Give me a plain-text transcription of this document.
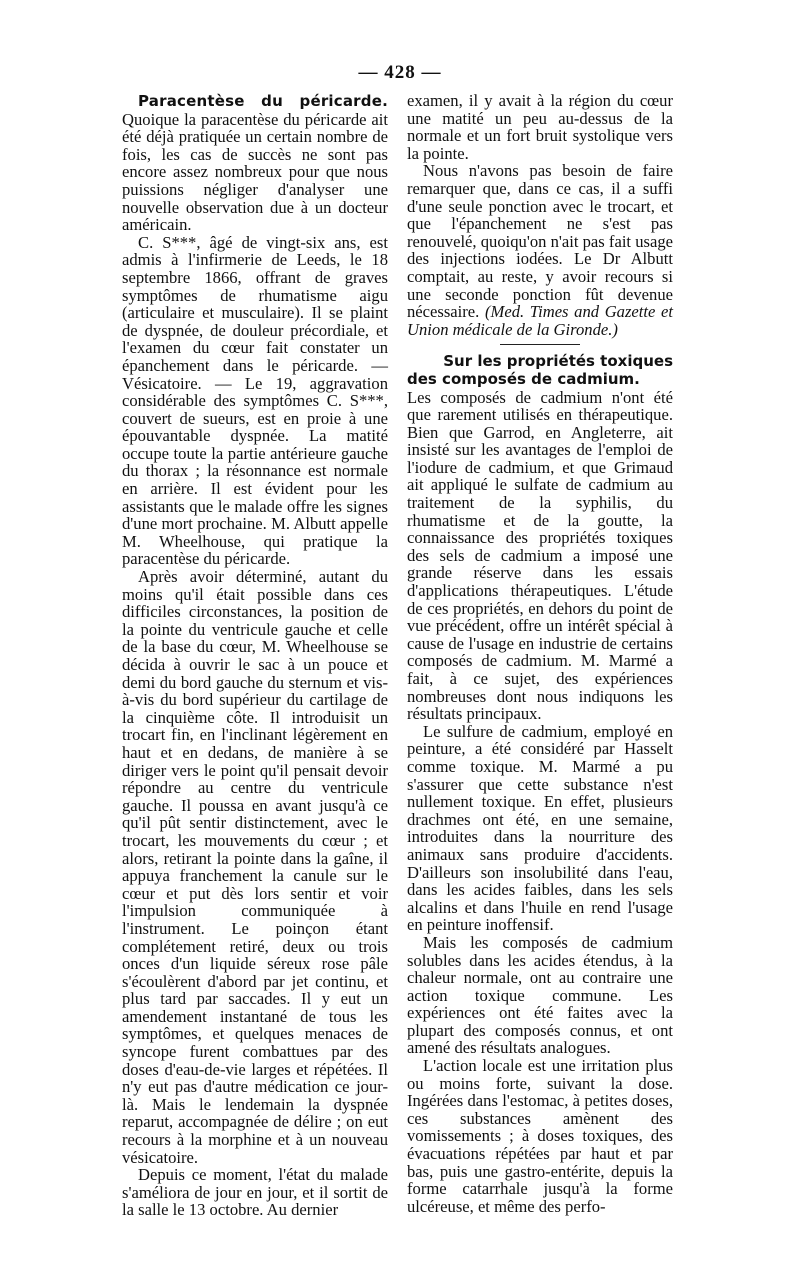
— 428 —

Paracentèse du péricarde. Quoique la paracentèse du péricarde ait été déjà pratiquée un certain nombre de fois, les cas de succès ne sont pas encore assez nombreux pour que nous puissions négliger d'analyser une nouvelle observation due à un docteur américain.

C. S***, âgé de vingt-six ans, est admis à l'infirmerie de Leeds, le 18 septembre 1866, offrant de graves symptômes de rhumatisme aigu (articulaire et musculaire). Il se plaint de dyspnée, de douleur précordiale, et l'examen du cœur fait constater un épanchement dans le péricarde. — Vésicatoire. — Le 19, aggravation considérable des symptômes C. S***, couvert de sueurs, est en proie à une épouvantable dyspnée. La matité occupe toute la partie antérieure gauche du thorax ; la résonnance est normale en arrière. Il est évident pour les assistants que le malade offre les signes d'une mort prochaine. M. Albutt appelle M. Wheelhouse, qui pratique la paracentèse du péricarde.

Après avoir déterminé, autant du moins qu'il était possible dans ces difficiles circonstances, la position de la pointe du ventricule gauche et celle de la base du cœur, M. Wheelhouse se décida à ouvrir le sac à un pouce et demi du bord gauche du sternum et vis-à-vis du bord supérieur du cartilage de la cinquième côte. Il introduisit un trocart fin, en l'inclinant légèrement en haut et en dedans, de manière à se diriger vers le point qu'il pensait devoir répondre au centre du ventricule gauche. Il poussa en avant jusqu'à ce qu'il pût sentir distinctement, avec le trocart, les mouvements du cœur ; et alors, retirant la pointe dans la gaîne, il appuya franchement la canule sur le cœur et put dès lors sentir et voir l'impulsion communiquée à l'instrument. Le poinçon étant complétement retiré, deux ou trois onces d'un liquide séreux rose pâle s'écoulèrent d'abord par jet continu, et plus tard par saccades. Il y eut un amendement instantané de tous les symptômes, et quelques menaces de syncope furent combattues par des doses d'eau-de-vie larges et répétées. Il n'y eut pas d'autre médication ce jour-là. Mais le lendemain la dyspnée reparut, accompagnée de délire ; on eut recours à la morphine et à un nouveau vésicatoire.

Depuis ce moment, l'état du malade s'améliora de jour en jour, et il sortit de la salle le 13 octobre. Au dernier

examen, il y avait à la région du cœur une matité un peu au-dessus de la normale et un fort bruit systolique vers la pointe.

Nous n'avons pas besoin de faire remarquer que, dans ce cas, il a suffi d'une seule ponction avec le trocart, et que l'épanchement ne s'est pas renouvelé, quoiqu'on n'ait pas fait usage des injections iodées. Le Dr Albutt comptait, au reste, y avoir recours si une seconde ponction fût devenue nécessaire. (Med. Times and Gazette et Union médicale de la Gironde.)

Sur les propriétés toxiques

des composés de cadmium.

Les composés de cadmium n'ont été que rarement utilisés en thérapeutique. Bien que Garrod, en Angleterre, ait insisté sur les avantages de l'emploi de l'iodure de cadmium, et que Grimaud ait appliqué le sulfate de cadmium au traitement de la syphilis, du rhumatisme et de la goutte, la connaissance des propriétés toxiques des sels de cadmium a imposé une grande réserve dans les essais d'applications thérapeutiques. L'étude de ces propriétés, en dehors du point de vue précédent, offre un intérêt spécial à cause de l'usage en industrie de certains composés de cadmium. M. Marmé a fait, à ce sujet, des expériences nombreuses dont nous indiquons les résultats principaux.

Le sulfure de cadmium, employé en peinture, a été considéré par Hasselt comme toxique. M. Marmé a pu s'assurer que cette substance n'est nullement toxique. En effet, plusieurs drachmes ont été, en une semaine, introduites dans la nourriture des animaux sans produire d'accidents. D'ailleurs son insolubilité dans l'eau, dans les acides faibles, dans les sels alcalins et dans l'huile en rend l'usage en peinture inoffensif.

Mais les composés de cadmium solubles dans les acides étendus, à la chaleur normale, ont au contraire une action toxique commune. Les expériences ont été faites avec la plupart des composés connus, et ont amené des résultats analogues.

L'action locale est une irritation plus ou moins forte, suivant la dose. Ingérées dans l'estomac, à petites doses, ces substances amènent des vomissements ; à doses toxiques, des évacuations répétées par haut et par bas, puis une gastro-entérite, depuis la forme catarrhale jusqu'à la forme ulcéreuse, et même des perfo-
